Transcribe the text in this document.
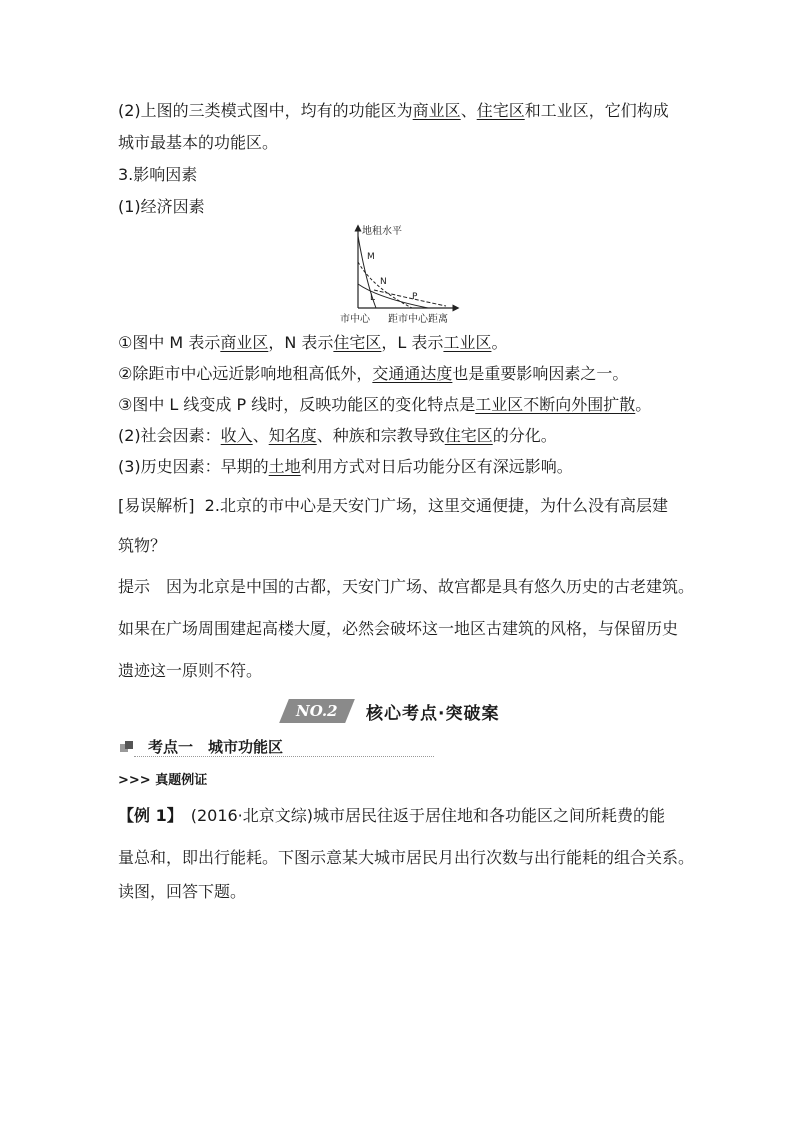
(2)上图的三类模式图中，均有的功能区为商业区、住宅区和工业区，它们构成
城市最基本的功能区。
3.影响因素
(1)经济因素
地租水平
M
N
L	P
市中心 距市中心距离
①图中 M 表示商业区，N 表示住宅区，L 表示工业区。
②除距市中心远近影响地租高低外，交通通达度也是重要影响因素之一。
③图中 L 线变成 P 线时，反映功能区的变化特点是工业区不断向外围扩散。
(2)社会因素：收入、知名度、种族和宗教导致住宅区的分化。
(3)历史因素：早期的土地利用方式对日后功能分区有深远影响。
[易误解析] 2.北京的市中心是天安门广场，这里交通便捷，为什么没有高层建
筑物？
提示　因为北京是中国的古都，天安门广场、故宫都是具有悠久历史的古老建筑。
如果在广场周围建起高楼大厦，必然会破坏这一地区古建筑的风格，与保留历史
遗迹这一原则不符。
NO.2 核心考点·突破案
考点一　城市功能区
>>> 真题例证
【例 1】　(2016·北京文综)城市居民往返于居住地和各功能区之间所耗费的能
量总和，即出行能耗。下图示意某大城市居民月出行次数与出行能耗的组合关系。
读图，回答下题。
